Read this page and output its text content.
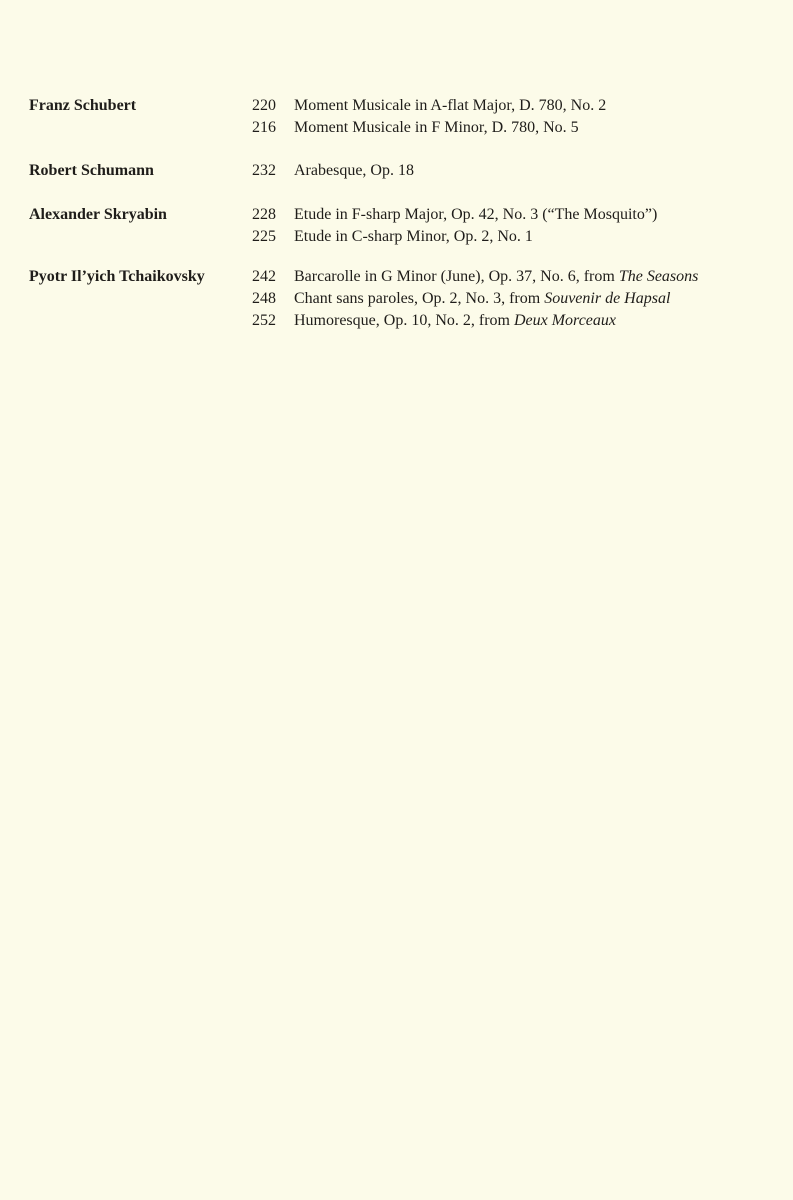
Franz Schubert	220 Moment Musicale in A-flat Major, D. 780, No. 2
216 Moment Musicale in F Minor, D. 780, No. 5
Robert Schumann	232 Arabesque, Op. 18
Alexander Skryabin	228 Etude in F-sharp Major, Op. 42, No. 3 (“The Mosquito”)
225 Etude in C-sharp Minor, Op. 2, No. 1
Pyotr Il’yich Tchaikovsky	242 Barcarolle in G Minor (June), Op. 37, No. 6, from The Seasons
248 Chant sans paroles, Op. 2, No. 3, from Souvenir de Hapsal
252 Humoresque, Op. 10, No. 2, from Deux Morceaux
